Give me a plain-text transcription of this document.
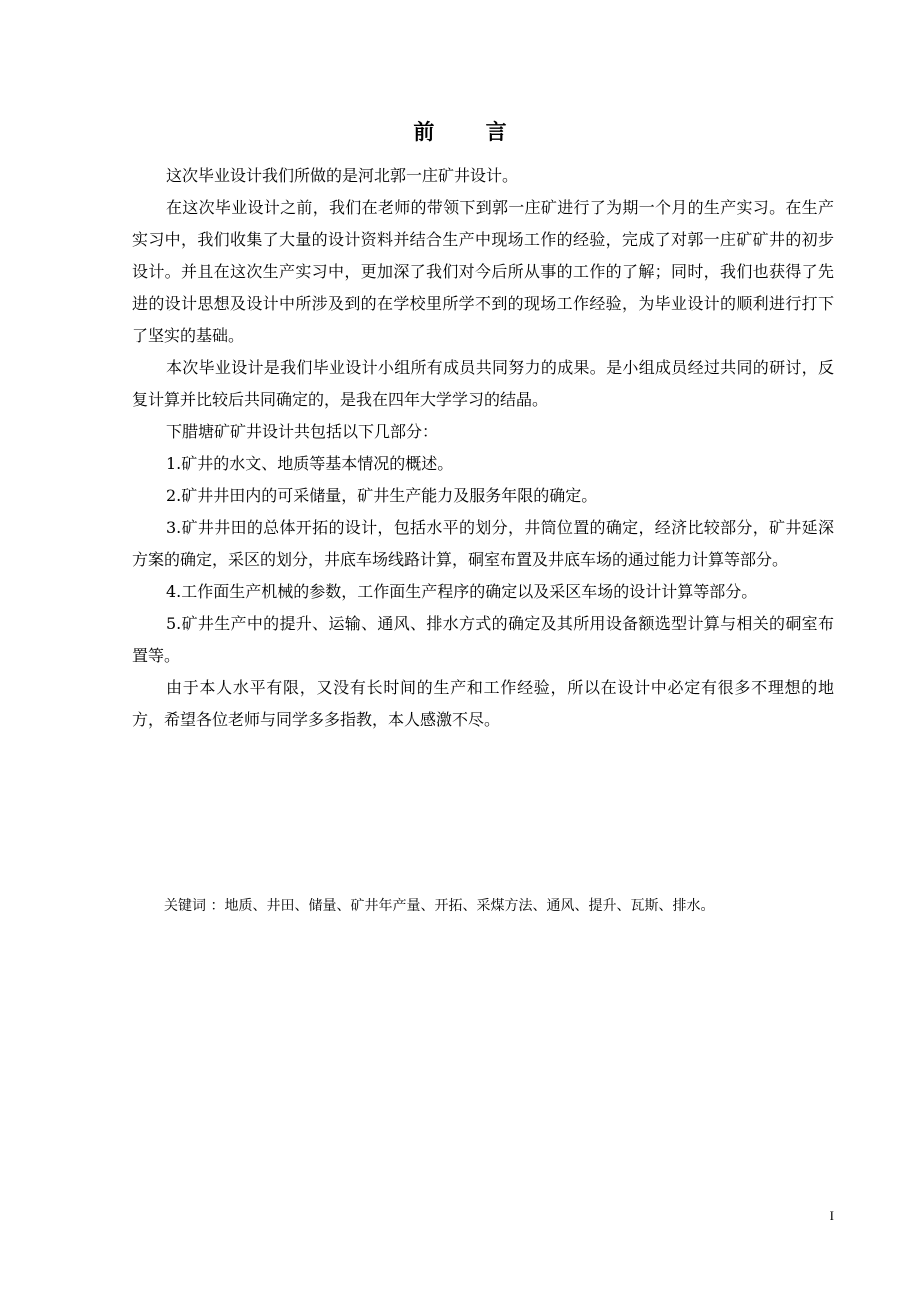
前 言

这次毕业设计我们所做的是河北郭一庄矿井设计。

在这次毕业设计之前，我们在老师的带领下到郭一庄矿进行了为期一个月的生产实习。在生产实习中，我们收集了大量的设计资料并结合生产中现场工作的经验，完成了对郭一庄矿矿井的初步设计。并且在这次生产实习中，更加深了我们对今后所从事的工作的了解；同时，我们也获得了先进的设计思想及设计中所涉及到的在学校里所学不到的现场工作经验，为毕业设计的顺利进行打下了坚实的基础。

本次毕业设计是我们毕业设计小组所有成员共同努力的成果。是小组成员经过共同的研讨，反复计算并比较后共同确定的，是我在四年大学学习的结晶。

下腊塘矿矿井设计共包括以下几部分：

1.矿井的水文、地质等基本情况的概述。

2.矿井井田内的可采储量，矿井生产能力及服务年限的确定。

3.矿井井田的总体开拓的设计，包括水平的划分，井筒位置的确定，经济比较部分，矿井延深方案的确定，采区的划分，井底车场线路计算，硐室布置及井底车场的通过能力计算等部分。

4.工作面生产机械的参数，工作面生产程序的确定以及采区车场的设计计算等部分。

5.矿井生产中的提升、运输、通风、排水方式的确定及其所用设备额选型计算与相关的硐室布置等。

由于本人水平有限，又没有长时间的生产和工作经验，所以在设计中必定有很多不理想的地方，希望各位老师与同学多多指教，本人感激不尽。

关键词 ：地质、井田、储量、矿井年产量、开拓、采煤方法、通风、提升、瓦斯、排水。
I
